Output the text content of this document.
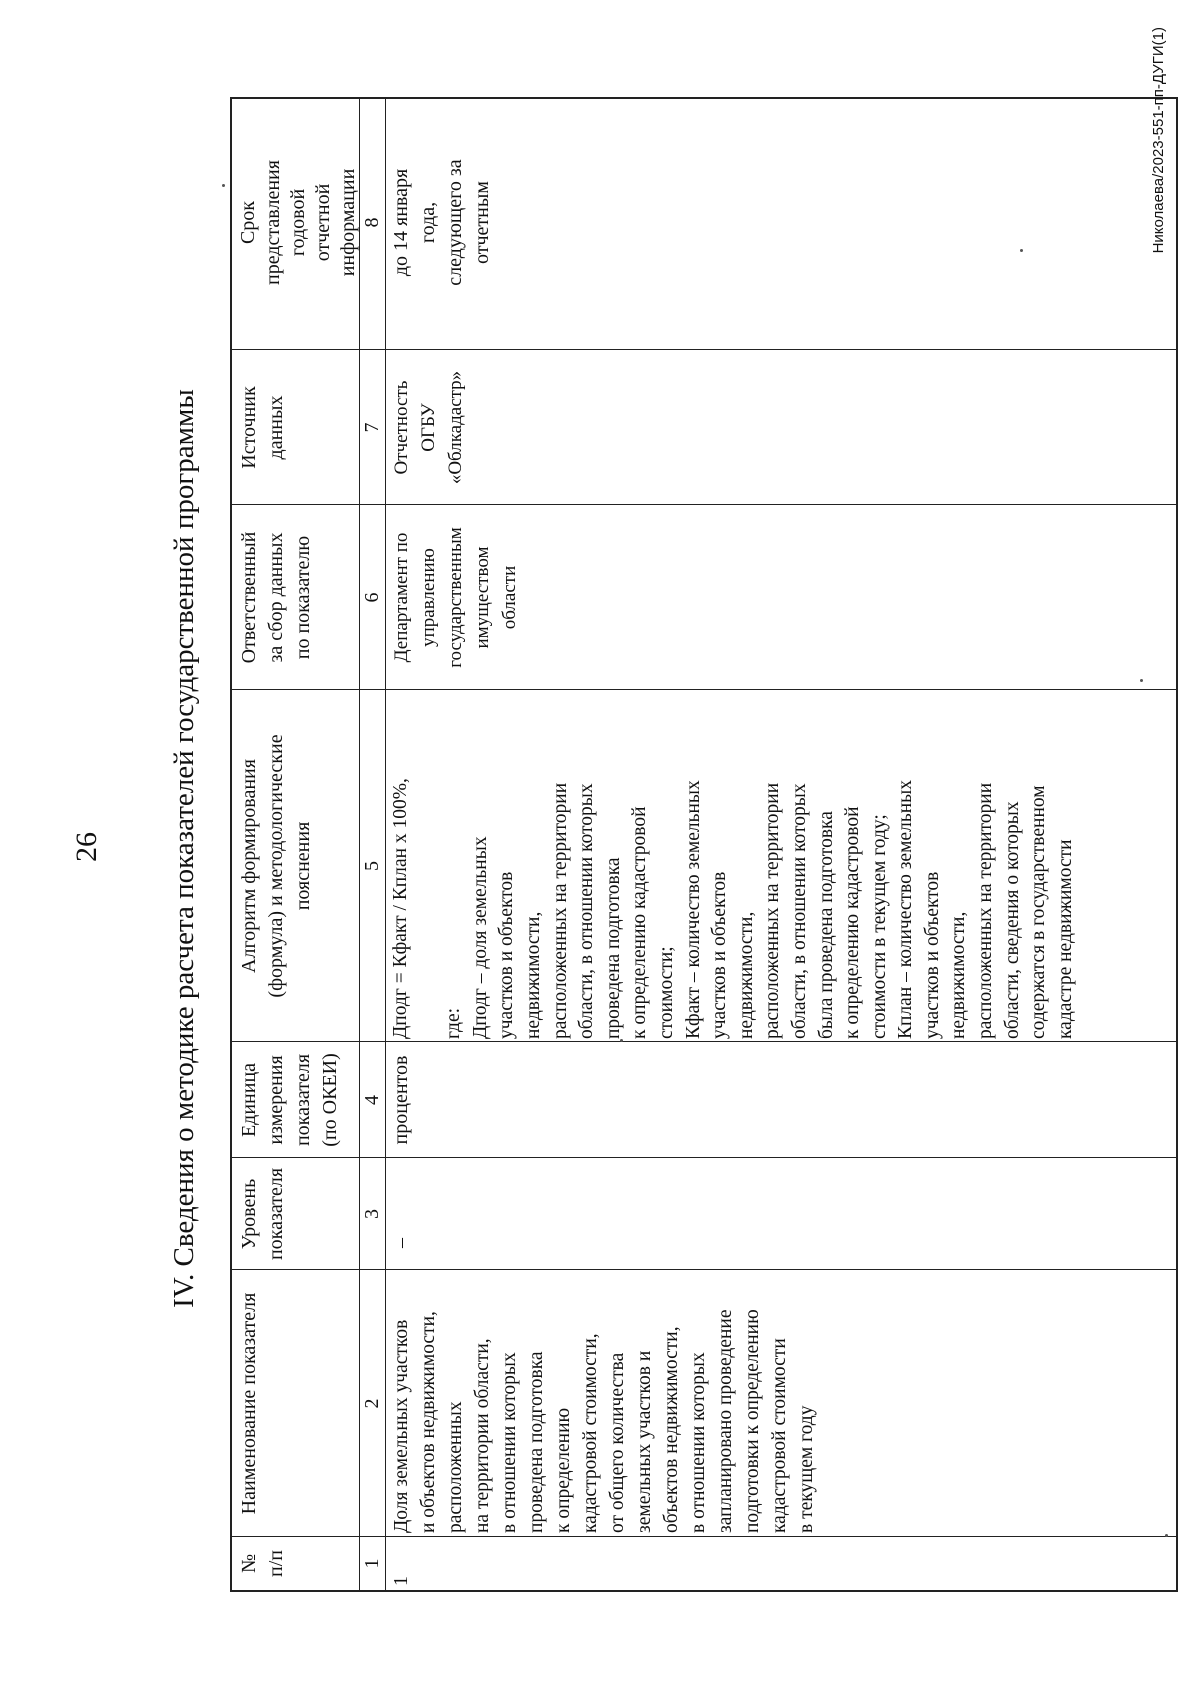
26 IV. Сведения о методике расчета показателей государственной программы
№
п/п
Наименование показателя
Уровень
показателя
Единица
измерения
показателя
(по ОКЕИ)
Алгоритм формирования
(формула) и методологические
пояснения
Ответственный
за сбор данных
по показателю
Источник
данных
Срок
представления
годовой
отчетной
информации
1
2
3
4
5
6
7
8
1
Доля земельных участков
и объектов недвижимости,
расположенных
на территории области,
в отношении которых
проведена подготовка
к определению
кадастровой стоимости,
от общего количества
земельных участков и
объектов недвижимости,
в отношении которых
запланировано проведение
подготовки к определению
кадастровой стоимости
в текущем году
–
процентов
Дподг = Кфакт / Кплан х 100%,

где:
Дподг – доля земельных
участков и объектов
недвижимости,
расположенных на территории
области, в отношении которых
проведена подготовка
к определению кадастровой
стоимости;
Кфакт – количество земельных
участков и объектов
недвижимости,
расположенных на территории
области, в отношении которых
была проведена подготовка
к определению кадастровой
стоимости в текущем году;
Кплан – количество земельных
участков и объектов
недвижимости,
расположенных на территории
области, сведения о которых
содержатся в государственном
кадастре недвижимости
Департамент по
управлению
государственным
имуществом
области
Отчетность
ОГБУ
«Облкадастр»
до 14 января
года,
следующего за
отчетным	Николаева/2023-551-пп-ДУГИ(1)
